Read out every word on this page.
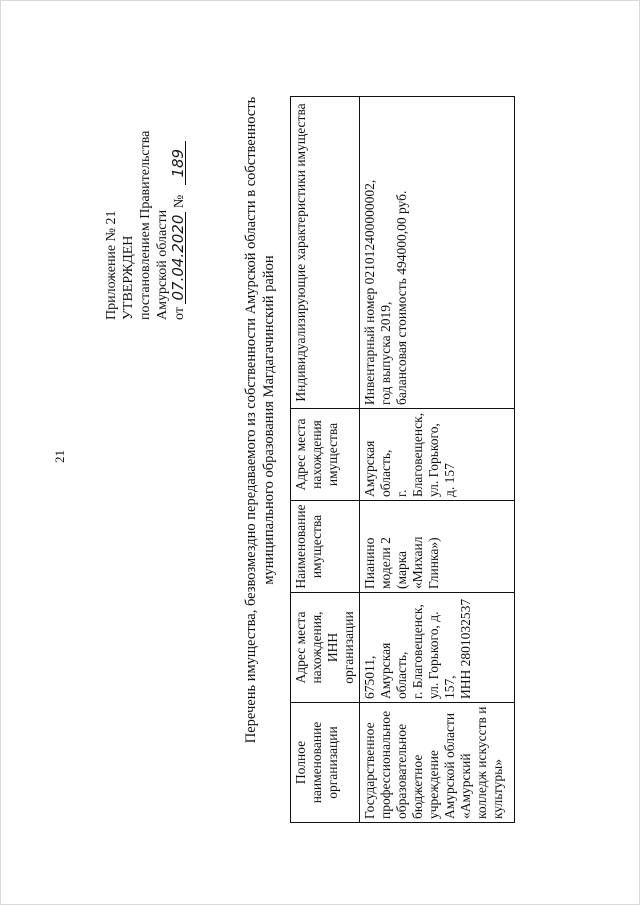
21
Приложение № 21 УТВЕРЖДЕН постановлением Правительства Амурской области от 07.04.2020 № 189	Перечень имущества, безвозмездно передаваемого из собственности Амурской области в собственность муниципального образования Магдагачинский район
Полное наименование организации	Адрес места нахождения, ИНН организации	Наименование имущества	Адрес места нахождения имущества	Индивидуализирующие характеристики имущества
Государственное профессиональное образовательное бюджетное учреждение Амурской области «Амурский колледж искусств и культуры»	675011, Амурская область, г. Благовещенск, ул. Горького, д. 157, ИНН 2801032537	Пианино модели 2 (марка «Михаил Глинка»)	Амурская область, г. Благовещенск, ул. Горького, д. 157	Инвентарный номер 021012400000002, год выпуска 2019, балансовая стоимость 494000,00 руб.
